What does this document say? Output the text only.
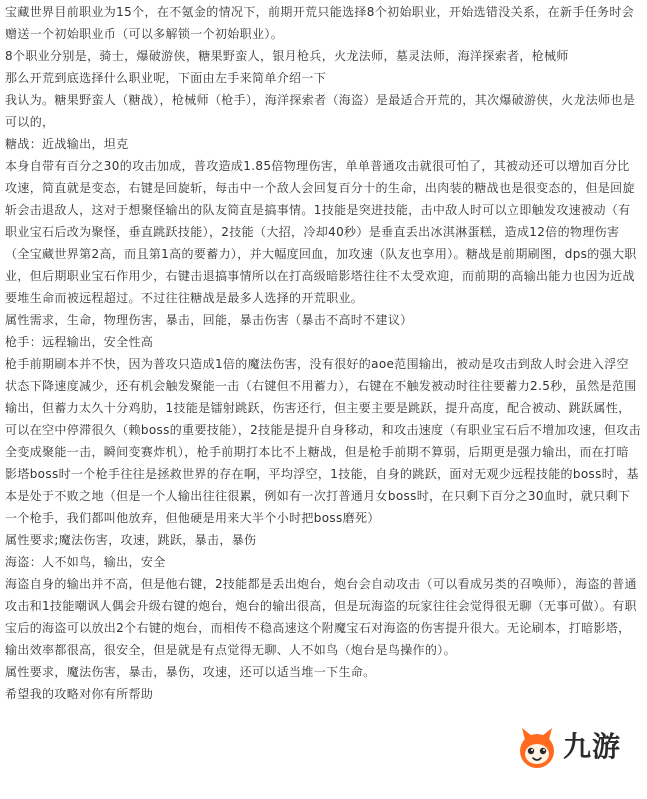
宝藏世界目前职业为15个，在不氪金的情况下，前期开荒只能选择8个初始职业，开始选错没关系，在新手任务时会赠送一个初始职业币（可以多解锁一个初始职业）。

8个职业分别是，骑士，爆破游侠，糖果野蛮人，银月枪兵，火龙法师，墓灵法师，海洋探索者，枪械师

那么开荒到底选择什么职业呢，下面由左手来简单介绍一下

我认为。糖果野蛮人（糖战），枪械师（枪手），海洋探索者（海盗）是最适合开荒的，其次爆破游侠，火龙法师也是可以的，

糖战：近战输出，坦克

本身自带有百分之30的攻击加成，普攻造成1.85倍物理伤害，单单普通攻击就很可怕了，其被动还可以增加百分比攻速，简直就是变态，右键是回旋斩，每击中一个敌人会回复百分十的生命，出肉装的糖战也是很变态的，但是回旋斩会击退敌人，这对于想聚怪输出的队友简直是搞事情。1技能是突进技能，击中敌人时可以立即触发攻速被动（有职业宝石后改为聚怪，垂直跳跃技能），2技能（大招，冷却40秒）是垂直丢出冰淇淋蛋糕，造成12倍的物理伤害（全宝藏世界第2高，而且第1高的要蓄力），并大幅度回血，加攻速（队友也享用）。糖战是前期刷图，dps的强大职业，但后期职业宝石作用少，右键击退搞事情所以在打高级暗影塔往往不太受欢迎，而前期的高输出能力也因为近战要堆生命而被远程超过。不过往往糖战是最多人选择的开荒职业。

属性需求，生命，物理伤害，暴击，回能，暴击伤害（暴击不高时不建议）

枪手：远程输出，安全性高

枪手前期刷本并不快，因为普攻只造成1倍的魔法伤害，没有很好的aoe范围输出，被动是攻击到敌人时会进入浮空状态下降速度减少，还有机会触发聚能一击（右键但不用蓄力），右键在不触发被动时往往要蓄力2.5秒，虽然是范围输出，但蓄力太久十分鸡肋，1技能是镭射跳跃，伤害还行，但主要主要是跳跃，提升高度，配合被动、跳跃属性，可以在空中停滞很久（赖boss的重要技能），2技能是提升自身移动，和攻击速度（有职业宝石后不增加攻速，但攻击全变成聚能一击，瞬间变赛炸机），枪手前期打本比不上糖战，但是枪手前期不算弱，后期更是强力输出，而在打暗影塔boss时一个枪手往往是拯救世界的存在啊，平均浮空，1技能，自身的跳跃，面对无观少远程技能的boss时，基本是处于不败之地（但是一个人输出往往很累，例如有一次打普通月女boss时，在只剩下百分之30血时，就只剩下一个枪手，我们都叫他放弃，但他硬是用来大半个小时把boss磨死）

属性要求;魔法伤害，攻速，跳跃，暴击，暴伤

海盗：人不如鸟，输出，安全

海盗自身的输出并不高，但是他右键，2技能都是丢出炮台，炮台会自动攻击（可以看成另类的召唤师），海盗的普通攻击和1技能嘲讽人偶会升级右键的炮台，炮台的输出很高，但是玩海盗的玩家往往会觉得很无聊（无事可做）。有职宝后的海盗可以放出2个右键的炮台，而相传不稳高速这个附魔宝石对海盗的伤害提升很大。无论刷本，打暗影塔，输出效率都很高，很安全，但是就是有点觉得无聊、人不如鸟（炮台是鸟操作的）。

属性要求，魔法伤害，暴击，暴伤，攻速，还可以适当堆一下生命。

希望我的攻略对你有所帮助

九游
